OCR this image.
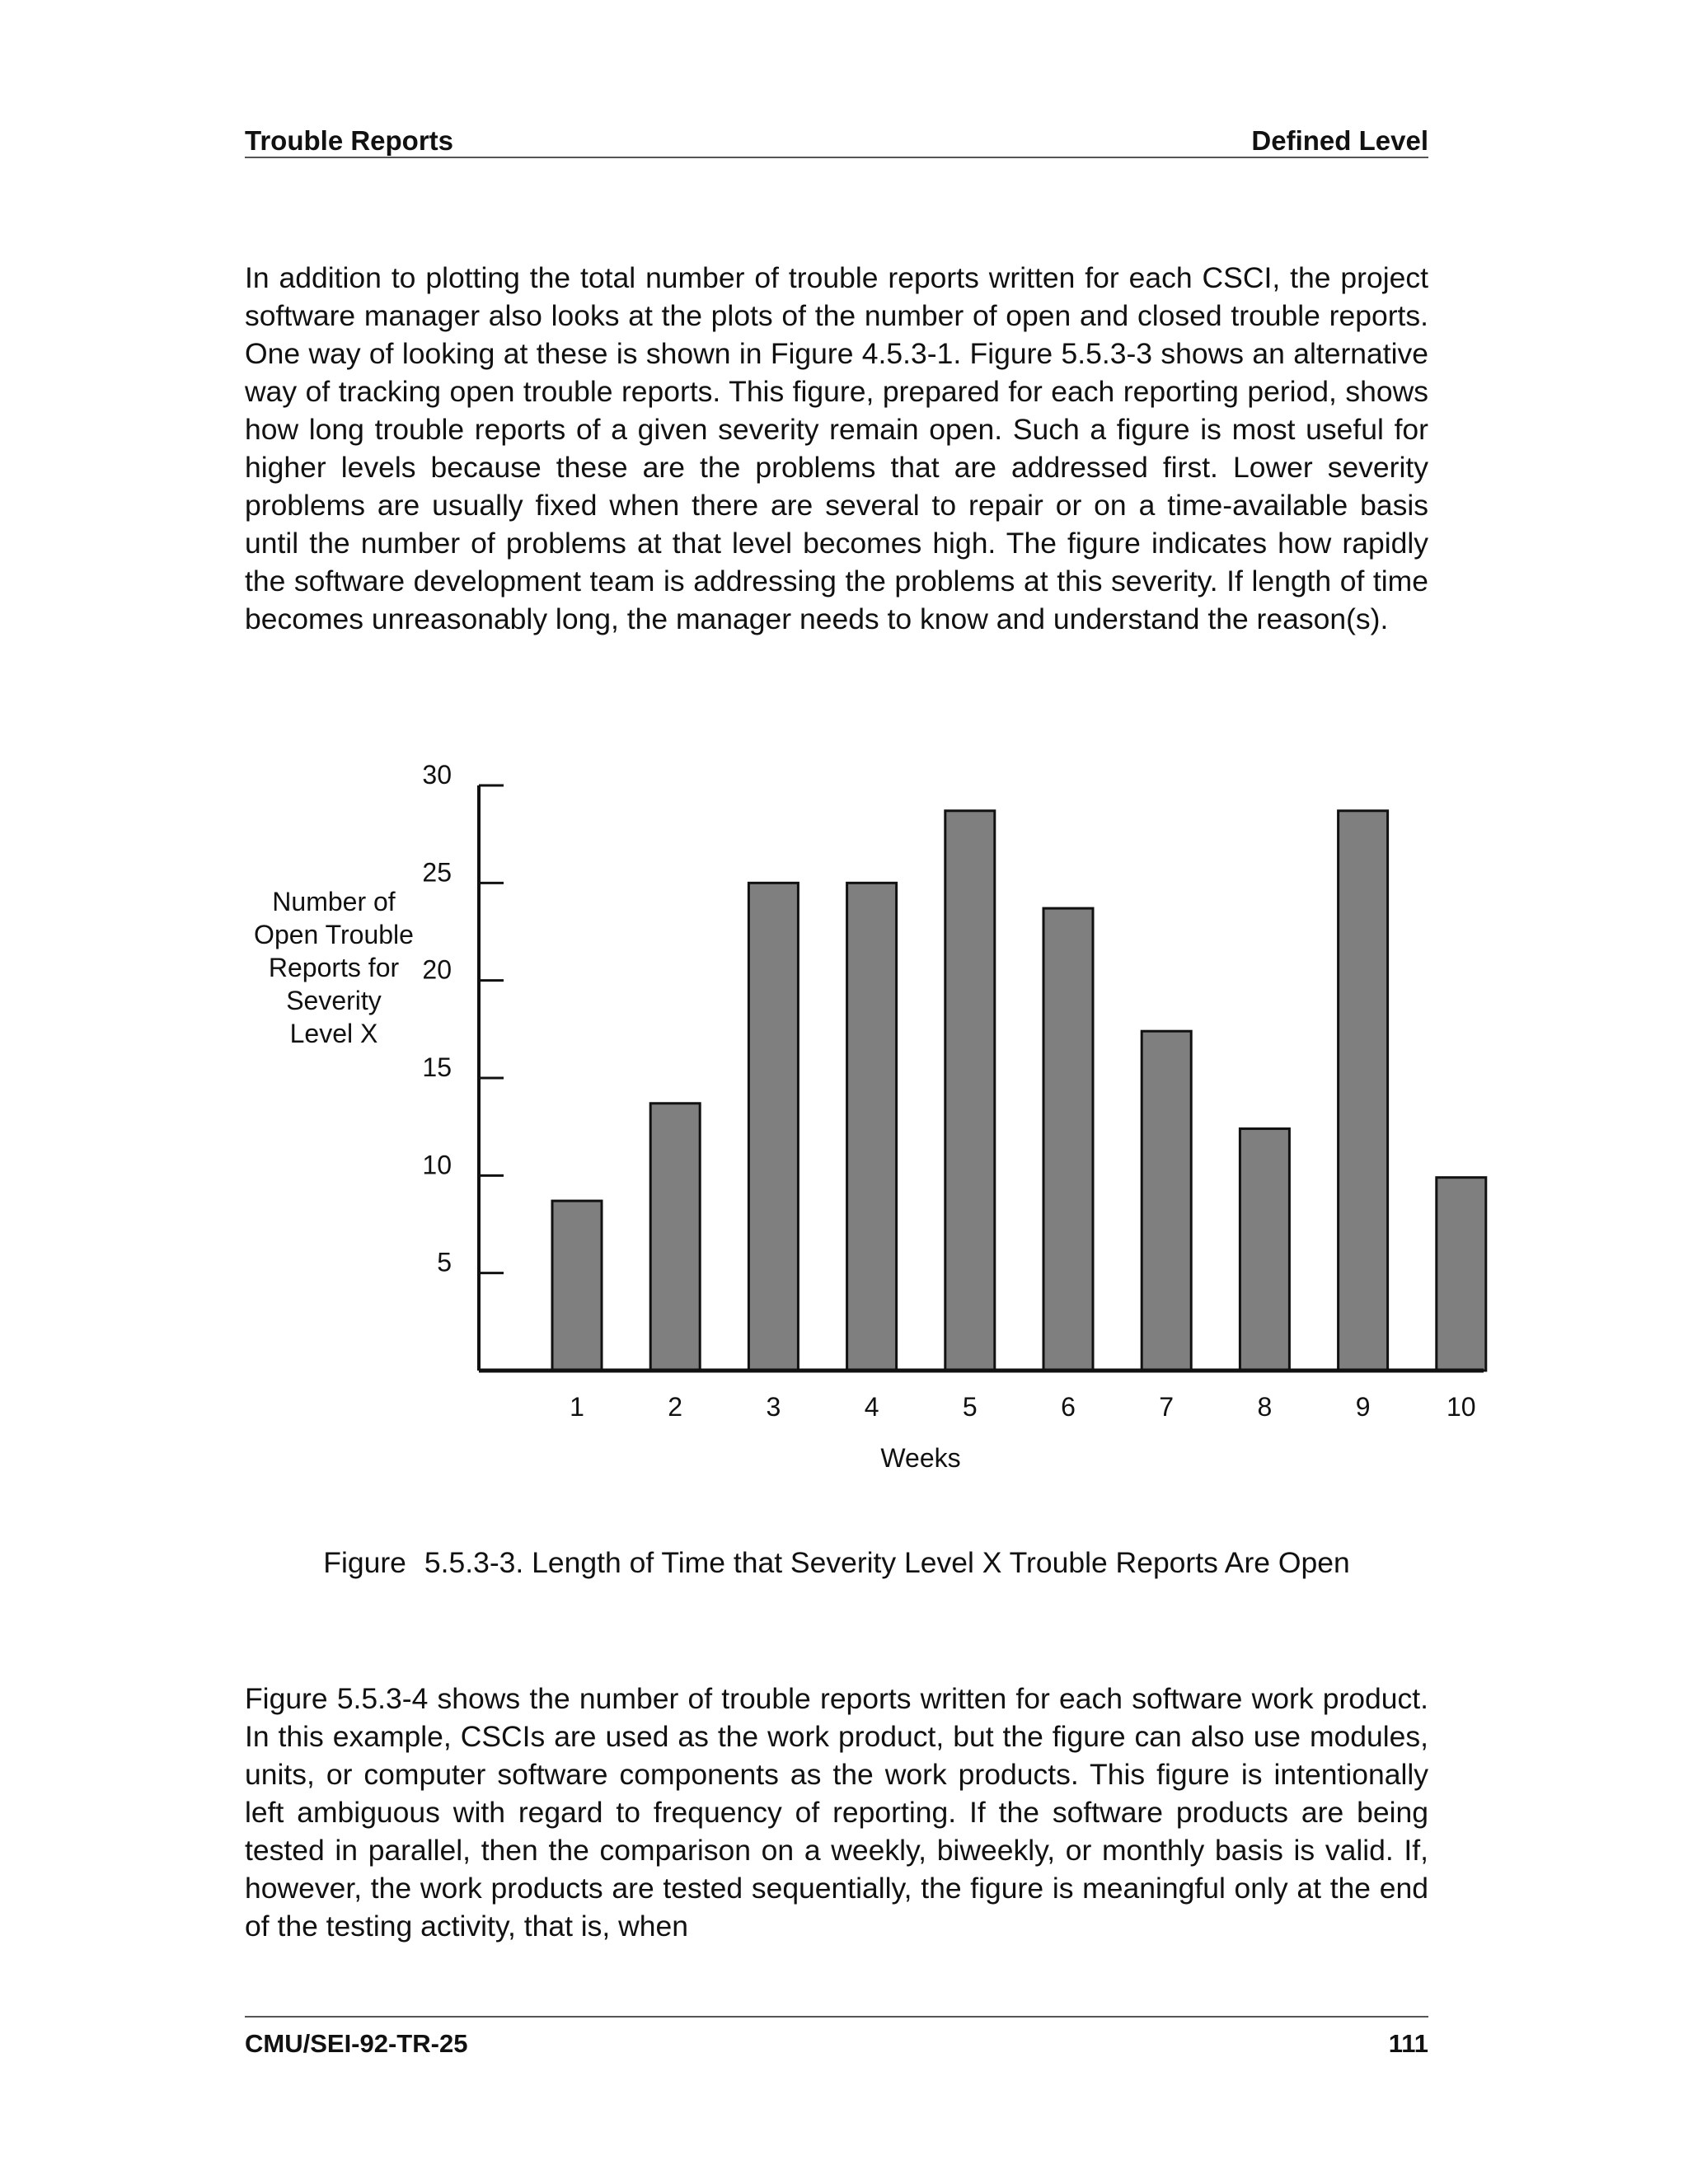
Trouble Reports	Defined Level

In addition to plotting the total number of trouble reports written for each CSCI, the project software manager also looks at the plots of the number of open and closed trouble reports. One way of looking at these is shown in Figure 4.5.3-1. Figure 5.5.3-3 shows an alternative way of tracking open trouble reports. This figure, prepared for each reporting period, shows how long trouble reports of a given severity remain open. Such a figure is most useful for higher levels because these are the problems that are addressed first. Lower severity problems are usually fixed when there are several to repair or on a time-available basis until the number of problems at that level becomes high. The figure indicates how rapidly the software development team is addressing the problems at this severity. If length of time becomes unreasonably long, the manager needs to know and understand the reason(s).

Number of
Open Trouble
Reports for
Severity
Level X
5
10
15
20
25
30
1	2	3	4	5	6	7	8	9	10
Weeks
Figure 5.5.3-3. Length of Time that Severity Level X Trouble Reports Are Open

Figure 5.5.3-4 shows the number of trouble reports written for each software work product. In this example, CSCIs are used as the work product, but the figure can also use modules, units, or computer software components as the work products. This figure is intentionally left ambiguous with regard to frequency of reporting. If the software products are being tested in parallel, then the comparison on a weekly, biweekly, or monthly basis is valid. If, however, the work products are tested sequentially, the figure is meaningful only at the end of the testing activity, that is, when

CMU/SEI-92-TR-25	111
